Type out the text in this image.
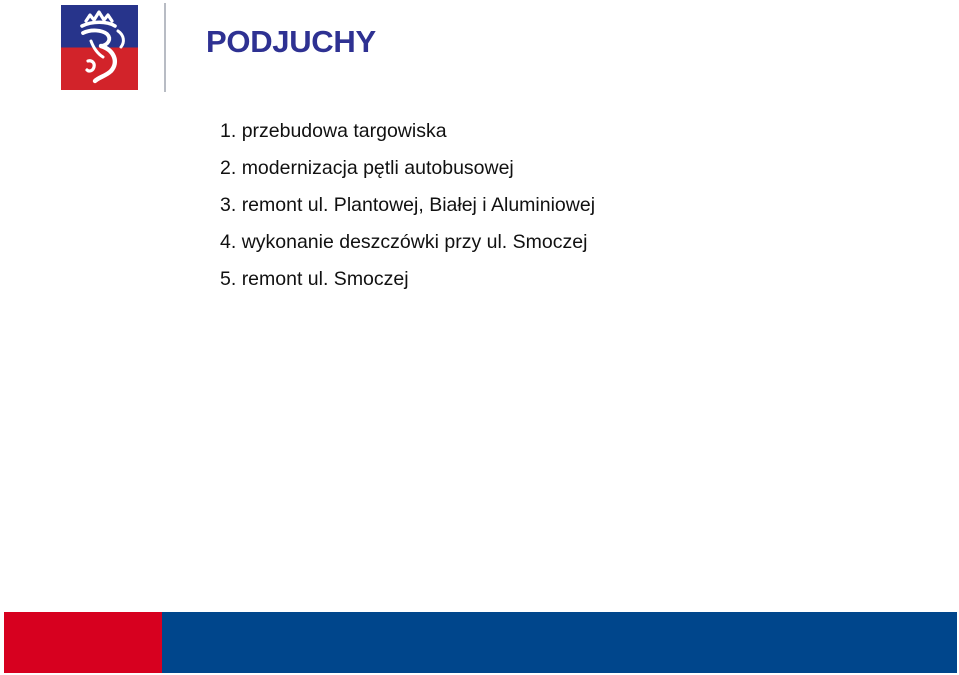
PODJUCHY
1. przebudowa targowiska
2. modernizacja pętli autobusowej
3. remont ul. Plantowej, Białej i Aluminiowej
4. wykonanie deszczówki przy ul. Smoczej
5. remont ul. Smoczej
